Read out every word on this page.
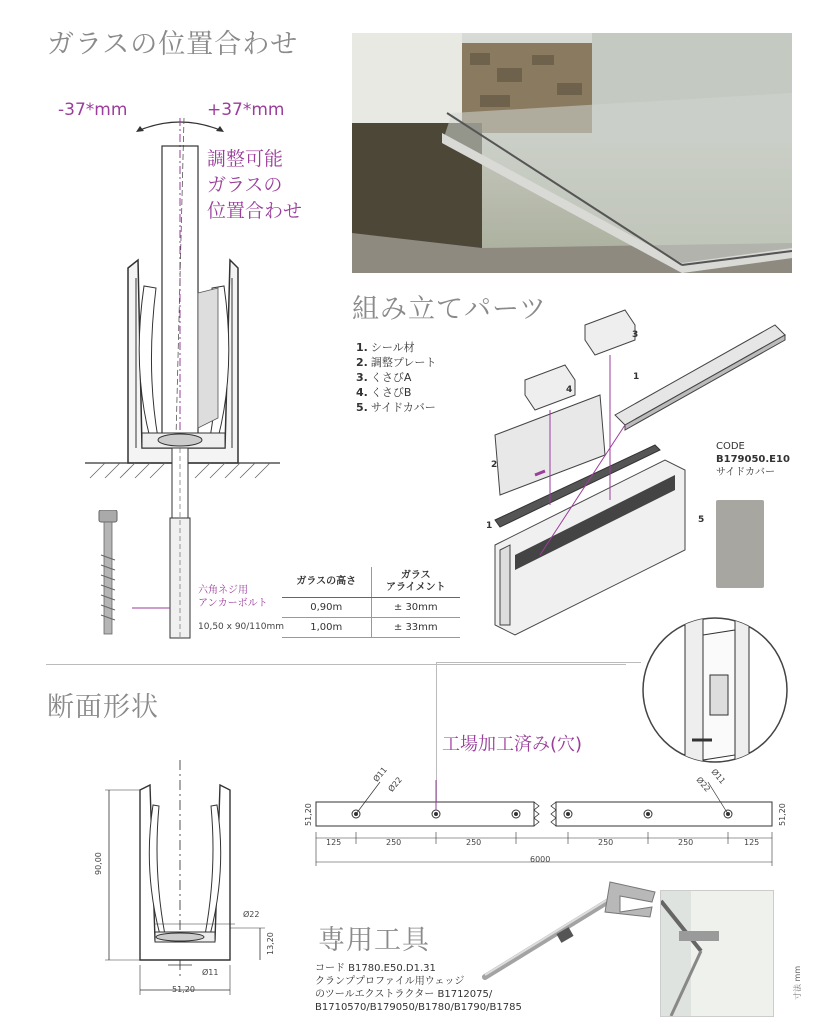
ガラスの位置合わせ
組み立てパーツ
断面形状
専用工具
-37*mm	+37*mm
調整可能
ガラスの
位置合わせ
六角ネジ用
アンカーボルト
10,50 x 90/110mm
ガラスの高さ	ガラス
アライメント
0,90m	± 30mm
1,00m	± 33mm
1. シール材
2. 調整プレート
3. くさびA
4. くさびB
5. サイドカバー
3
1
4
2
1
5
CODE
B179050.E10
サイドカバー
工場加工済み(穴)
90,00
51,20
13,20
Ø22
Ø11
51,20	51,20
125	250	250	250	250	125
6000
Ø11
Ø22	Ø22
Ø11
コード B1780.E50.D1.31
クランププロファイル用ウェッジ
のツールエクストラクター B1712075/
B1710570/B179050/B1780/B1790/B1785
寸法 mm
